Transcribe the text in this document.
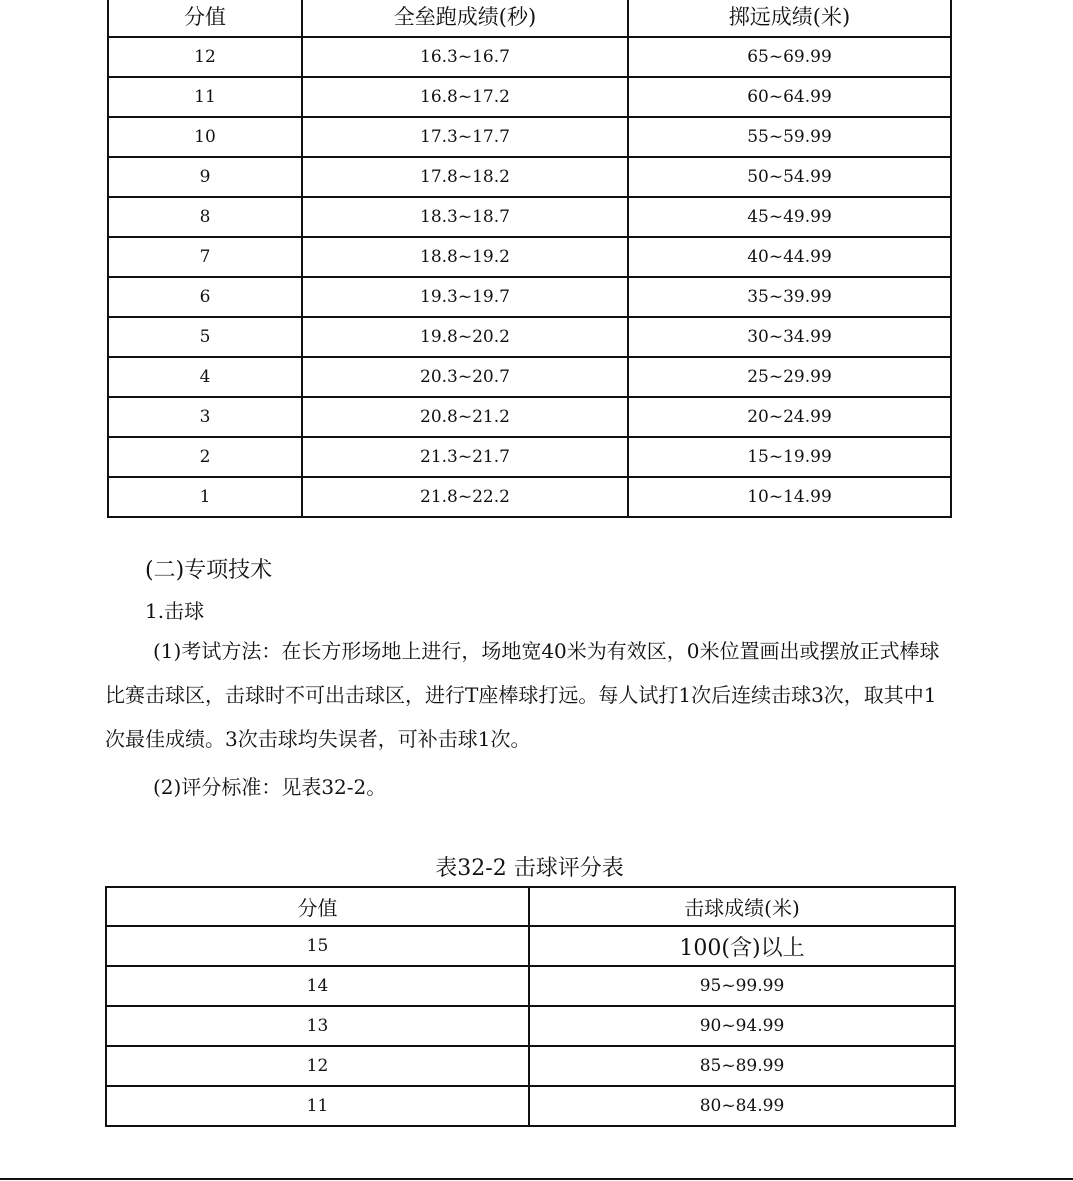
分值	全垒跑成绩(秒)	掷远成绩(米)
12	16.3~16.7	65~69.99
11	16.8~17.2	60~64.99
10	17.3~17.7	55~59.99
9	17.8~18.2	50~54.99
8	18.3~18.7	45~49.99
7	18.8~19.2	40~44.99
6	19.3~19.7	35~39.99
5	19.8~20.2	30~34.99
4	20.3~20.7	25~29.99
3	20.8~21.2	20~24.99
2	21.3~21.7	15~19.99
1	21.8~22.2	10~14.99
(二)专项技术
1.击球
(1)考试方法：在长方形场地上进行，场地宽40米为有效区，0米位置画出或摆放正式棒球比赛击球区，击球时不可出击球区，进行T座棒球打远。每人试打1次后连续击球3次，取其中1次最佳成绩。3次击球均失误者，可补击球1次。
(2)评分标准：见表32-2。
表32-2 击球评分表
分值	击球成绩(米)
15	100(含)以上
14	95~99.99
13	90~94.99
12	85~89.99
11	80~84.99
